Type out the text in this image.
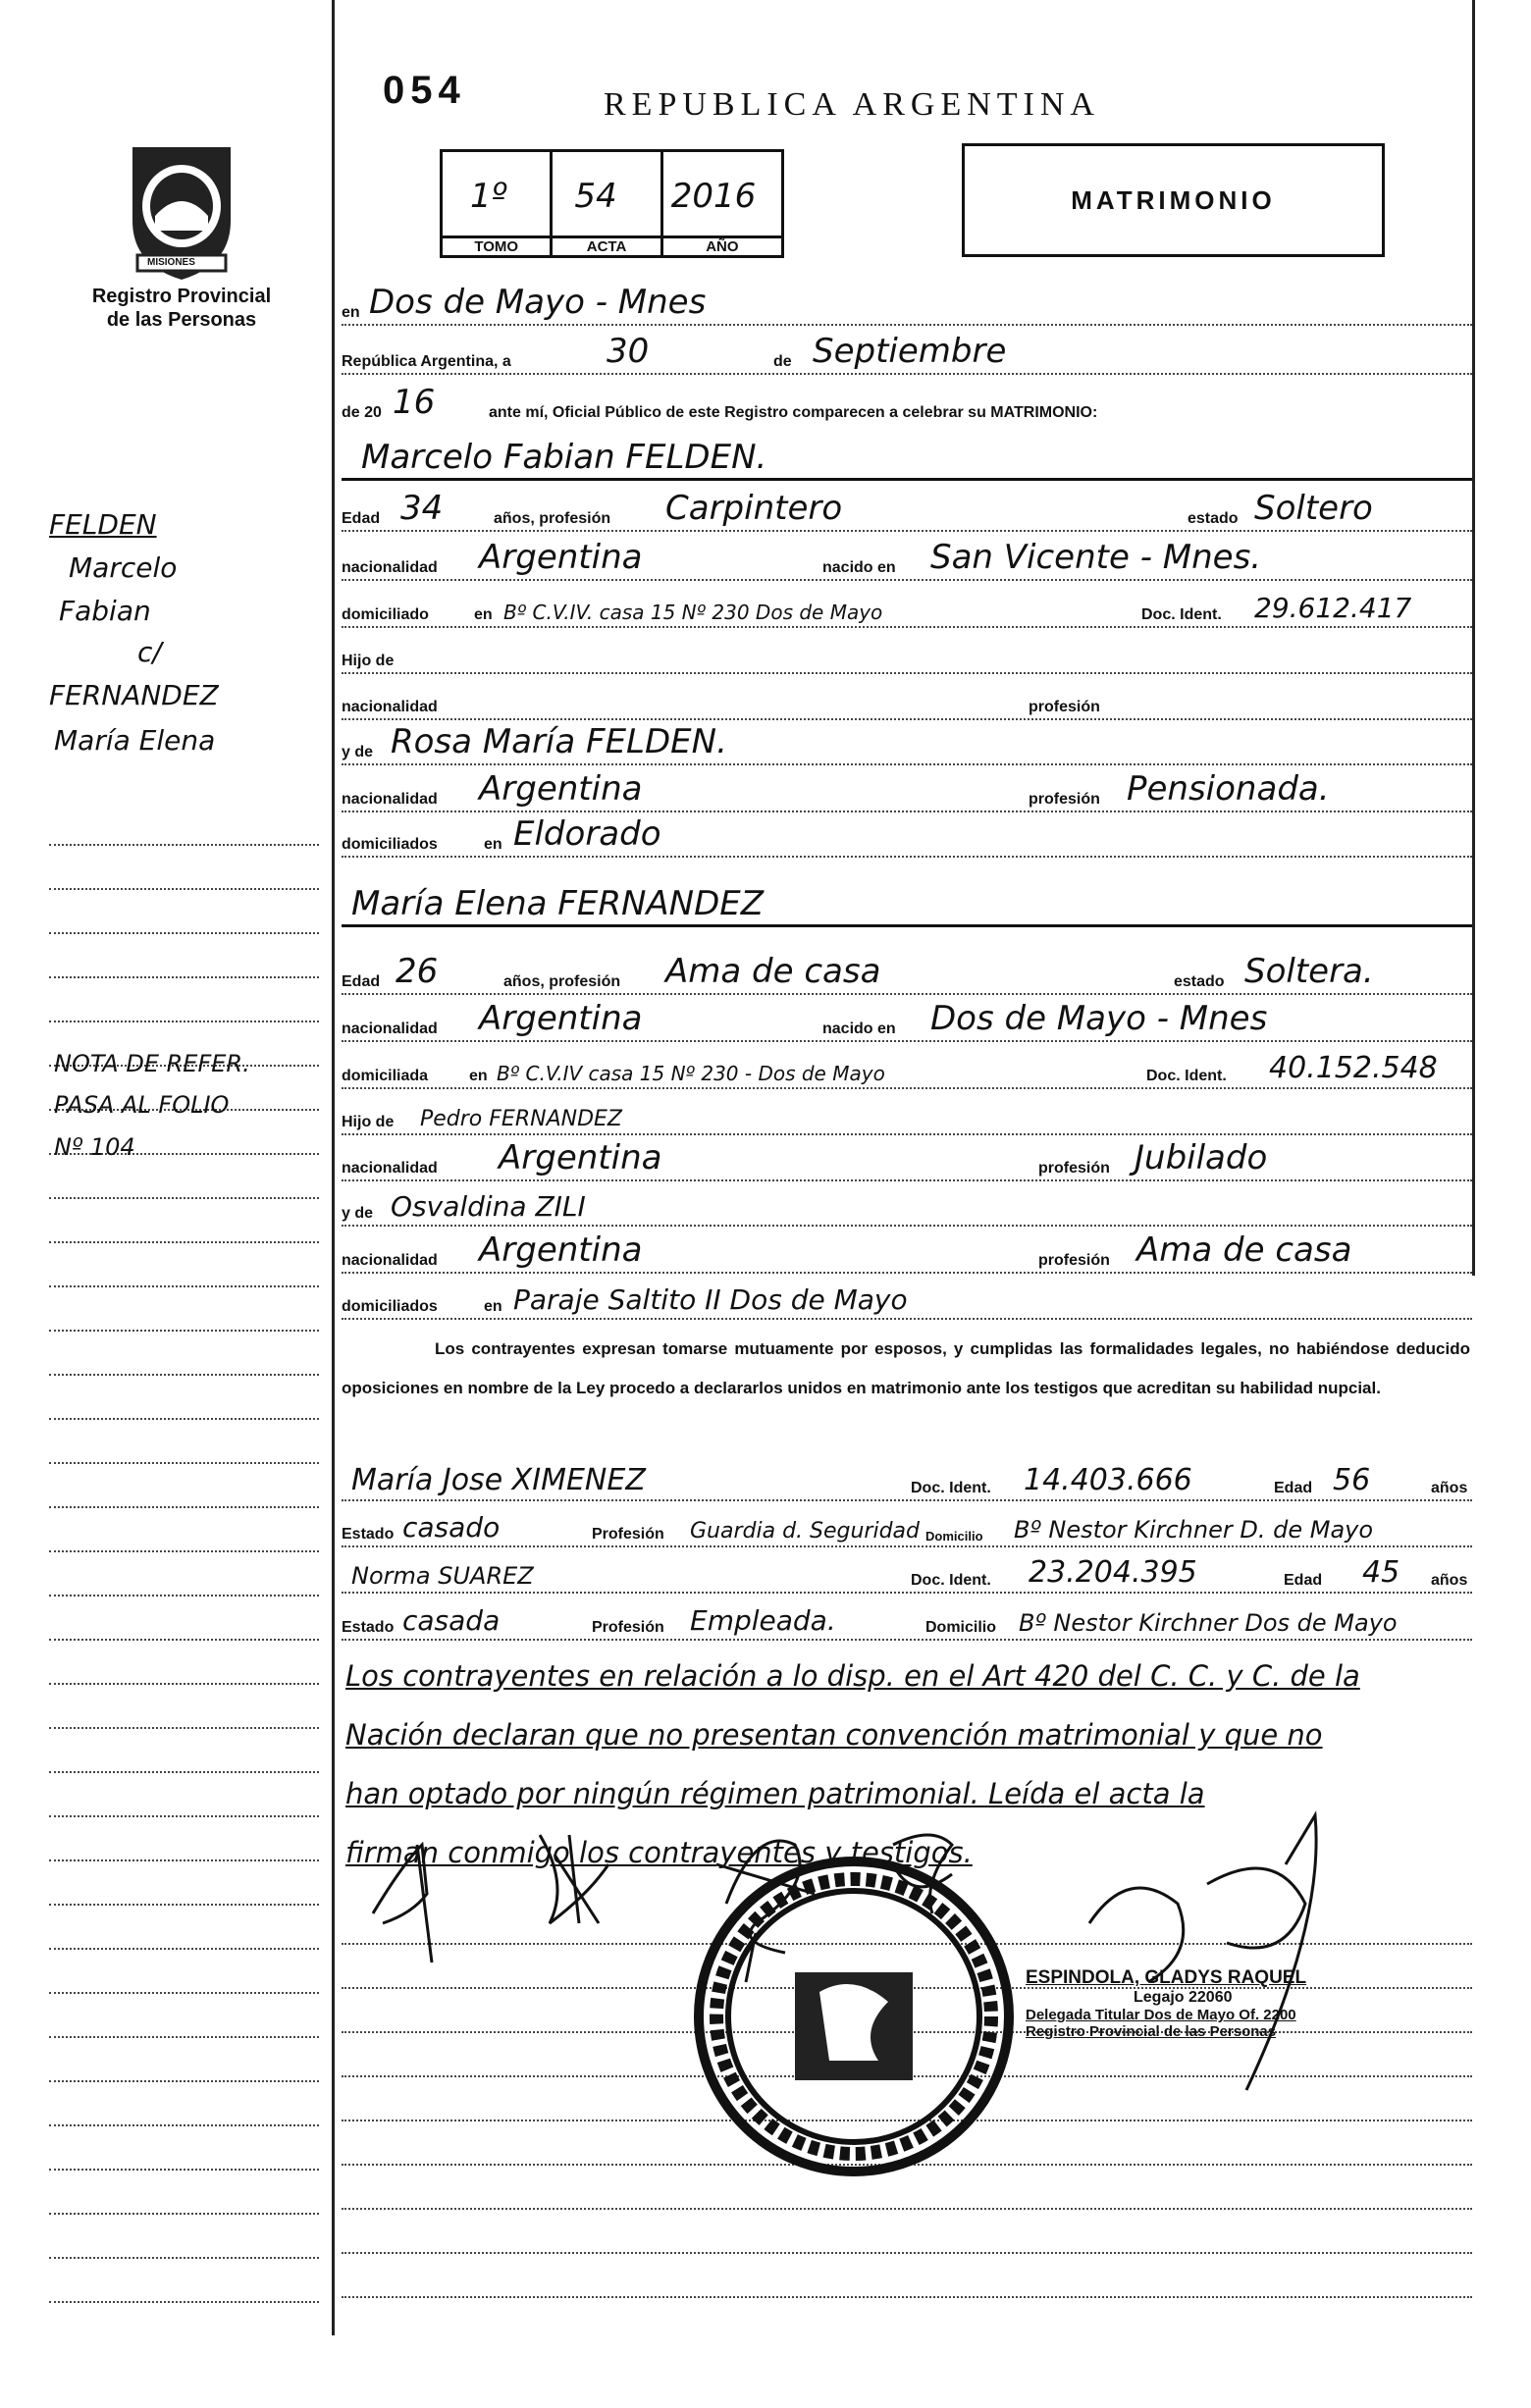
054	REPUBLICA ARGENTINA
MISIONES
Registro Provincial de las Personas
1º
TOMO
54
ACTA
2016
AÑO
MATRIMONIO
FELDEN
Marcelo
Fabian
c/
FERNANDEZ
María Elena
NOTA DE REFER.
PASA AL FOLIO
Nº 104
en Dos de Mayo - Mnes
República Argentina, a	30	de Septiembre
de 20 16	ante mí, Oficial Público de este Registro comparecen a celebrar su MATRIMONIO:
Marcelo Fabian FELDEN.
Edad 34	años, profesión Carpintero	estado Soltero
nacionalidad Argentina	nacido en San Vicente - Mnes.
domiciliado	en Bº C.V.IV. casa 15 Nº 230 Dos de Mayo	Doc. Ident. 29.612.417
Hijo de
nacionalidad	profesión
y de Rosa María FELDEN.
nacionalidad Argentina	profesión Pensionada.
domiciliados	en Eldorado
María Elena FERNANDEZ
Edad 26	años, profesión Ama de casa	estado Soltera.
nacionalidad Argentina	nacido en Dos de Mayo - Mnes
domiciliada	en Bº C.V.IV casa 15 Nº 230 - Dos de Mayo	Doc. Ident. 40.152.548
Hijo de Pedro FERNANDEZ
nacionalidad Argentina	profesión Jubilado
y de Osvaldina ZILI
nacionalidad Argentina	profesión Ama de casa
domiciliados	en Paraje Saltito II Dos de Mayo
Los contrayentes expresan tomarse mutuamente por esposos, y cumplidas las formalidades legales, no habiéndose deducido oposiciones en nombre de la Ley procedo a declararlos unidos en matrimonio ante los testigos que acreditan su habilidad nupcial.
María Jose XIMENEZ	Doc. Ident. 14.403.666	Edad 56	años
Estado casado	Profesión Guardia d. Seguridad Domicilio Bº Nestor Kirchner D. de Mayo
Norma SUAREZ	Doc. Ident. 23.204.395	Edad 45 años
Estado casada	Profesión Empleada.	Domicilio Bº Nestor Kirchner Dos de Mayo
Los contrayentes en relación a lo disp. en el Art 420 del C. C. y C. de la
Nación declaran que no presentan convención matrimonial y que no
han optado por ningún régimen patrimonial. Leída el acta la
firman conmigo los contrayentes y testigos.
ESPINDOLA, GLADYS RAQUEL
Legajo 22060
Delegada Titular Dos de Mayo Of. 2200
Registro Provincial de las Personas
